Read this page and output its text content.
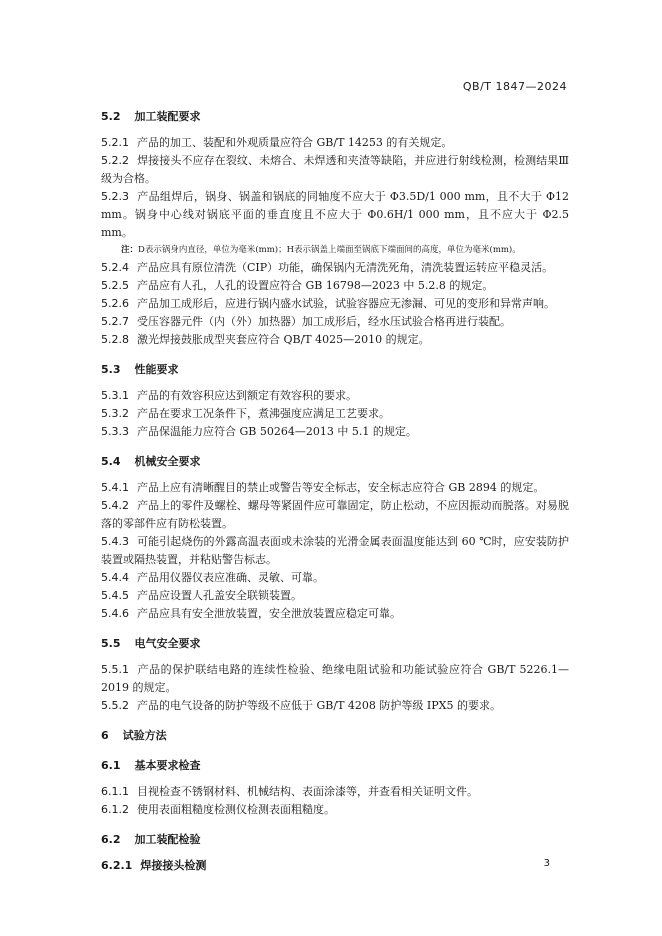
QB/T 1847—2024
5.2 加工装配要求
5.2.1 产品的加工、装配和外观质量应符合 GB/T 14253 的有关规定。
5.2.2 焊接接头不应存在裂纹、未熔合、未焊透和夹渣等缺陷，并应进行射线检测，检测结果Ⅲ级为合格。
5.2.3 产品组焊后，锅身、锅盖和锅底的同轴度不应大于 Φ3.5D/1 000 mm，且不大于 Φ12 mm。锅身中心线对锅底平面的垂直度且不应大于 Φ0.6H/1 000 mm，且不应大于 Φ2.5 mm。
注：D表示锅身内直径，单位为毫米(mm)；H表示锅盖上端面至锅底下端面间的高度，单位为毫米(mm)。
5.2.4 产品应具有原位清洗（CIP）功能，确保锅内无清洗死角，清洗装置运转应平稳灵活。
5.2.5 产品应有人孔，人孔的设置应符合 GB 16798—2023 中 5.2.8 的规定。
5.2.6 产品加工成形后，应进行锅内盛水试验，试验容器应无渗漏、可见的变形和异常声响。
5.2.7 受压容器元件（内（外）加热器）加工成形后，经水压试验合格再进行装配。
5.2.8 激光焊接鼓胀成型夹套应符合 QB/T 4025—2010 的规定。
5.3 性能要求
5.3.1 产品的有效容积应达到额定有效容积的要求。
5.3.2 产品在要求工况条件下，煮沸强度应满足工艺要求。
5.3.3 产品保温能力应符合 GB 50264—2013 中 5.1 的规定。
5.4 机械安全要求
5.4.1 产品上应有清晰醒目的禁止或警告等安全标志，安全标志应符合 GB 2894 的规定。
5.4.2 产品上的零件及螺栓、螺母等紧固件应可靠固定，防止松动，不应因振动而脱落。对易脱落的零部件应有防松装置。
5.4.3 可能引起烧伤的外露高温表面或未涂装的光滑金属表面温度能达到 60 ℃时，应安装防护装置或隔热装置，并粘贴警告标志。
5.4.4 产品用仪器仪表应准确、灵敏、可靠。
5.4.5 产品应设置人孔盖安全联锁装置。
5.4.6 产品应具有安全泄放装置，安全泄放装置应稳定可靠。
5.5 电气安全要求
5.5.1 产品的保护联结电路的连续性检验、绝缘电阻试验和功能试验应符合 GB/T 5226.1—2019 的规定。
5.5.2 产品的电气设备的防护等级不应低于 GB/T 4208 防护等级 IPX5 的要求。
6 试验方法
6.1 基本要求检查
6.1.1 目视检查不锈钢材料、机械结构、表面涂漆等，并查看相关证明文件。
6.1.2 使用表面粗糙度检测仪检测表面粗糙度。
6.2 加工装配检验
6.2.1 焊接接头检测	3
